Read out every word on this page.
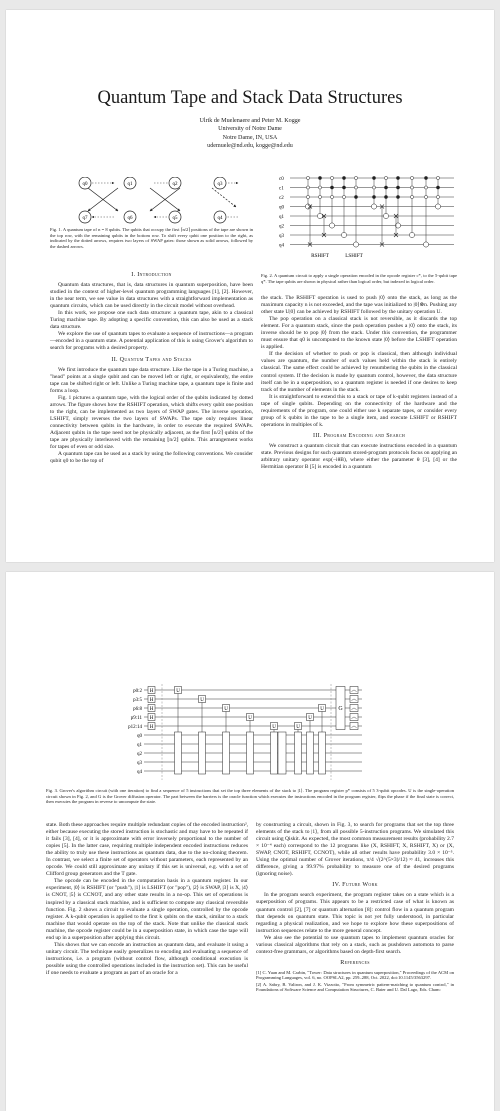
Quantum Tape and Stack Data Structures
Ulrik de Muelenaere and Peter M. Kogge
University of Notre Dame
Notre Dame, IN, USA
udemuele@nd.edu, kogge@nd.edu
q0	q1	q2	q3
q7	q6	q5	q4
Fig. 1. A quantum tape of n = 8 qubits. The qubits that occupy the first ⌈n/2⌉ positions of the tape are shown in the top row, with the remaining qubits in the bottom row. To shift every qubit one position to the right, as indicated by the dotted arrows, requires two layers of SWAP gates: those shown as solid arrows, followed by the dashed arrows.
c0
c1
c2
q0
q1
q2
q3
q4
RSHIFT	LSHIFT
Fig. 2. A quantum circuit to apply a single operation encoded in the opcode register c*, to the 5-qubit tape q*. The tape qubits are shown in physical rather than logical order, but indexed in logical order.
I. Introduction

Quantum data structures, that is, data structures in quantum superposition, have been studied in the context of higher-level quantum programming languages [1], [2]. However, in the near term, we see value in data structures with a straightforward implementation as quantum circuits, which can be used directly in the circuit model without overhead.

In this work, we propose one such data structure: a quantum tape, akin to a classical Turing machine tape. By adopting a specific convention, this can also be used as a stack data structure.

We explore the use of quantum tapes to evaluate a sequence of instructions—a program—encoded in a quantum state. A potential application of this is using Grover's algorithm to search for programs with a desired property.

II. Quantum Tapes and Stacks

We first introduce the quantum tape data structure. Like the tape in a Turing machine, a "head" points at a single qubit and can be moved left or right, or equivalently, the entire tape can be shifted right or left. Unlike a Turing machine tape, a quantum tape is finite and forms a loop.

Fig. 1 pictures a quantum tape, with the logical order of the qubits indicated by dotted arrows. The figure shows how the RSHIFT operation, which shifts every qubit one position to the right, can be implemented as two layers of SWAP gates. The inverse operation, LSHIFT, simply reverses the two layers of SWAPs. The tape only requires linear connectivity between qubits in the hardware, in order to execute the required SWAPs. Adjacent qubits in the tape need not be physically adjacent, as the first ⌈n/2⌉ qubits of the tape are physically interleaved with the remaining ⌊n/2⌋ qubits. This arrangement works for tapes of even or odd size.

A quantum tape can be used as a stack by using the following conventions. We consider qubit q0 to be the top of

the stack. The RSHIFT operation is used to push |0⟩ onto the stack, as long as the maximum capacity n is not exceeded, and the tape was initialized to |0⟩⊗n. Pushing any other state U|0⟩ can be achieved by RSHIFT followed by the unitary operation U.

The pop operation on a classical stack is not reversible, as it discards the top element. For a quantum stack, since the push operation pushes a |0⟩ onto the stack, its inverse should be to pop |0⟩ from the stack. Under this convention, the programmer must ensure that q0 is uncomputed to the known state |0⟩ before the LSHIFT operation is applied.

If the decision of whether to push or pop is classical, then although individual values are quantum, the number of such values held within the stack is entirely classical. The same effect could be achieved by renumbering the qubits in the classical control system. If the decision is made by quantum control, however, the data structure itself can be in a superposition, so a quantum register is needed if one desires to keep track of the number of elements in the stack.

It is straightforward to extend this to a stack or tape of k-qubit registers instead of a tape of single qubits. Depending on the connectivity of the hardware and the requirements of the program, one could either use k separate tapes, or consider every group of k qubits in the tape to be a single item, and execute LSHIFT or RSHIFT operations in multiples of k.

III. Program Encoding and Search

We construct a quantum circuit that can execute instructions encoded in a quantum state. Previous designs for such quantum stored-program protocols focus on applying an arbitrary unitary operator exp(−iθB), where either the parameter θ [3], [4] or the Hermitian operator B [5] is encoded in a quantum

p0:2
p3:5
p6:8
p9:11
p12:14
q0
q1
q2
q3
q4
H
H
H
H
H
U
U
U
U
U	U
U
U G
Fig. 3. Grover's algorithm circuit (with one iteration) to find a sequence of 5 instructions that set the top three elements of the stack to |1⟩. The program register p* consists of 5 3-qubit opcodes. U is the single-operation circuit shown in Fig. 2, and G is the Grover diffusion operator. The part between the barriers is the oracle function which executes the instructions encoded in the program register, flips the phase if the final state is correct, then executes the program in reverse to uncompute the state.

state. Both these approaches require multiple redundant copies of the encoded instruction², either because executing the stored instruction is stochastic and may have to be repeated if it fails [3], [4], or it is approximate with error inversely proportional to the number of copies [5]. In the latter case, requiring multiple independent encoded instructions reduces the ability to truly use these instructions as quantum data, due to the no-cloning theorem. In contrast, we select a finite set of operators without parameters, each represented by an opcode. We could still approximate any unitary if this set is universal, e.g. with a set of Clifford group generators and the T gate.

The opcode can be encoded in the computation basis in a quantum register. In our experiment, |0⟩ is RSHIFT (or "push"), |1⟩ is LSHIFT (or "pop"), |2⟩ is SWAP, |3⟩ is X, |4⟩ is CNOT, |5⟩ is CCNOT, and any other state results in a no-op. This set of operations is inspired by a classical stack machine, and is sufficient to compute any classical reversible function. Fig. 2 shows a circuit to evaluate a single operation, controlled by the opcode register. A k-qubit operation is applied to the first k qubits on the stack, similar to a stack machine that would operate on the top of the stack. Note that unlike the classical stack machine, the opcode register could be in a superposition state, in which case the tape will end up in a superposition after applying this circuit.

This shows that we can encode an instruction as quantum data, and evaluate it using a unitary circuit. The technique easily generalizes to encoding and evaluating a sequence of instructions, i.e. a program (without control flow, although conditional execution is possible using the controlled operations included in the instruction set). This can be useful if one needs to evaluate a program as part of an oracle for a

by constructing a circuit, shown in Fig. 3, to search for programs that set the top three elements of the stack to |1⟩, from all possible 5-instruction programs. We simulated this circuit using Qiskit. As expected, the most common measurement results (probability 2.7 × 10⁻⁴ each) correspond to the 12 programs like (X, RSHIFT, X, RSHIFT, X) or (X, SWAP, CNOT, RSHIFT, CCNOT), while all other results have probability 3.0 × 10⁻⁵. Using the optimal number of Grover iterations, π/4 √(2^(5×3)/12) ≈ 41, increases this difference, giving a 99.97% probability to measure one of the desired programs (ignoring noise).

IV. Future Work

In the program search experiment, the program register takes on a state which is a superposition of programs. This appears to be a restricted case of what is known as quantum control [2], [7] or quantum alternation [8]: control flow in a quantum program that depends on quantum state. This topic is not yet fully understood, in particular regarding a physical realization, and we hope to explore how these superpositions of instruction sequences relate to the more general concept.

We also see the potential to use quantum tapes to implement quantum oracles for various classical algorithms that rely on a stack, such as pushdown automota to parse context-free grammars, or algorithms based on depth-first search.

References
[1] C. Yuan and M. Carbin, "Tower: Data structures in quantum superposition," Proceedings of the ACM on Programming Languages, vol. 6, no. OOPSLA2, pp. 259–288, Oct. 2022, doi:10.1145/3563297.
[2] A. Sabry, B. Valiron, and J. K. Vizzotto, "From symmetric pattern-matching to quantum control," in Foundations of Software Science and Computation Structures, C. Baier and U. Dal Lago, Eds. Cham:
